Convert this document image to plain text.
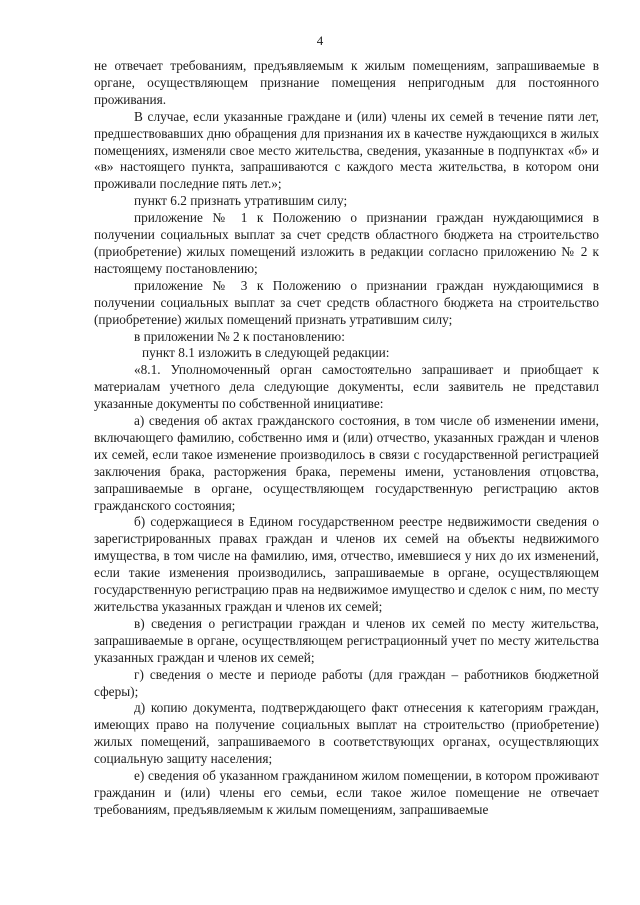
4

не отвечает требованиям, предъявляемым к жилым помещениям, запрашиваемые в органе, осуществляющем признание помещения непригодным для постоянного проживания.

В случае, если указанные граждане и (или) члены их семей в течение пяти лет, предшествовавших дню обращения для признания их в качестве нуждающихся в жилых помещениях, изменяли свое место жительства, сведения, указанные в подпунктах «б» и «в» настоящего пункта, запрашиваются с каждого места жительства, в котором они проживали последние пять лет.»;

пункт 6.2 признать утратившим силу;

приложение № 1 к Положению о признании граждан нуждающимися в получении социальных выплат за счет средств областного бюджета на строительство (приобретение) жилых помещений изложить в редакции согласно приложению № 2 к настоящему постановлению;

приложение № 3 к Положению о признании граждан нуждающимися в получении социальных выплат за счет средств областного бюджета на строительство (приобретение) жилых помещений признать утратившим силу;

в приложении № 2 к постановлению:

пункт 8.1 изложить в следующей редакции:

«8.1. Уполномоченный орган самостоятельно запрашивает и приобщает к материалам учетного дела следующие документы, если заявитель не представил указанные документы по собственной инициативе:

а) сведения об актах гражданского состояния, в том числе об изменении имени, включающего фамилию, собственно имя и (или) отчество, указанных граждан и членов их семей, если такое изменение производилось в связи с государственной регистрацией заключения брака, расторжения брака, перемены имени, установления отцовства, запрашиваемые в органе, осуществляющем государственную регистрацию актов гражданского состояния;

б) содержащиеся в Едином государственном реестре недвижимости сведения о зарегистрированных правах граждан и членов их семей на объекты недвижимого имущества, в том числе на фамилию, имя, отчество, имевшиеся у них до их изменений, если такие изменения производились, запрашиваемые в органе, осуществляющем государственную регистрацию прав на недвижимое имущество и сделок с ним, по месту жительства указанных граждан и членов их семей;

в) сведения о регистрации граждан и членов их семей по месту жительства, запрашиваемые в органе, осуществляющем регистрационный учет по месту жительства указанных граждан и членов их семей;

г) сведения о месте и периоде работы (для граждан – работников бюджетной сферы);

д) копию документа, подтверждающего факт отнесения к категориям граждан, имеющих право на получение социальных выплат на строительство (приобретение) жилых помещений, запрашиваемого в соответствующих органах, осуществляющих социальную защиту населения;

е) сведения об указанном гражданином жилом помещении, в котором проживают гражданин и (или) члены его семьи, если такое жилое помещение не отвечает требованиям, предъявляемым к жилым помещениям, запрашиваемые
